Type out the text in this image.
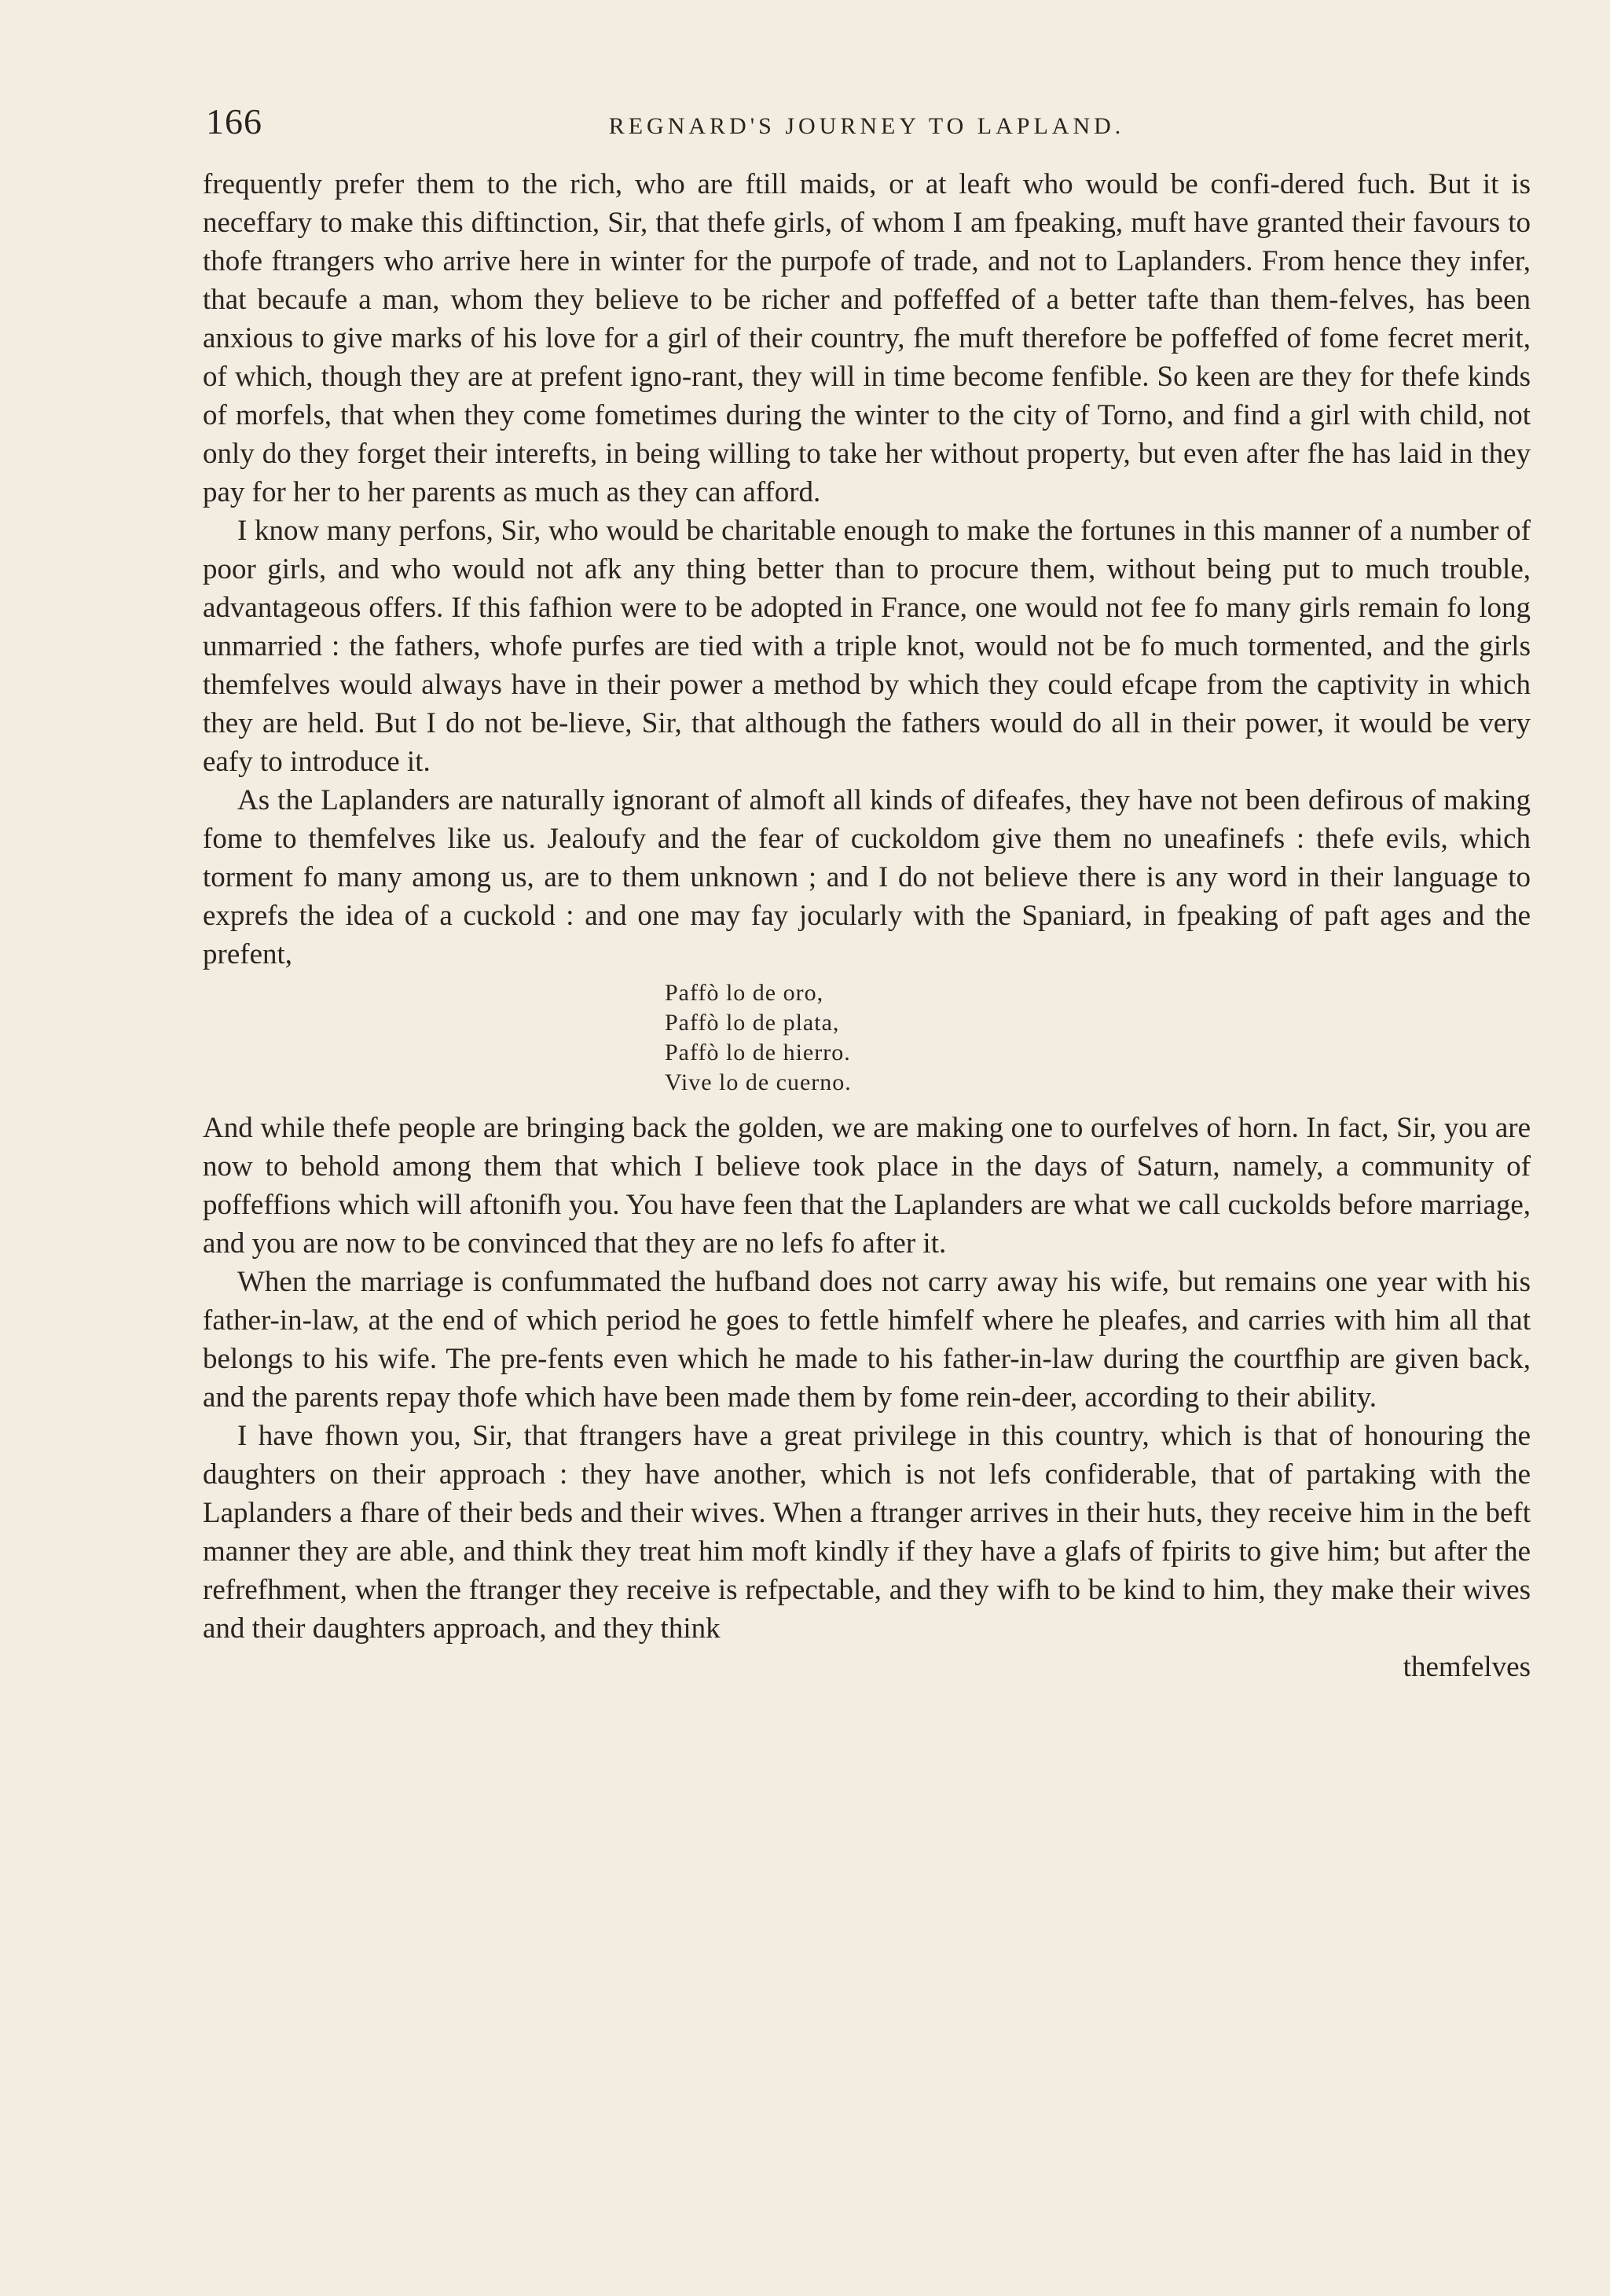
166	REGNARD'S JOURNEY TO LAPLAND.

frequently prefer them to the rich, who are ftill maids, or at leaft who would be confi-dered fuch. But it is neceffary to make this diftinction, Sir, that thefe girls, of whom I am fpeaking, muft have granted their favours to thofe ftrangers who arrive here in winter for the purpofe of trade, and not to Laplanders. From hence they infer, that becaufe a man, whom they believe to be richer and poffeffed of a better tafte than them-felves, has been anxious to give marks of his love for a girl of their country, fhe muft therefore be poffeffed of fome fecret merit, of which, though they are at prefent igno-rant, they will in time become fenfible. So keen are they for thefe kinds of morfels, that when they come fometimes during the winter to the city of Torno, and find a girl with child, not only do they forget their interefts, in being willing to take her without property, but even after fhe has laid in they pay for her to her parents as much as they can afford.

I know many perfons, Sir, who would be charitable enough to make the fortunes in this manner of a number of poor girls, and who would not afk any thing better than to procure them, without being put to much trouble, advantageous offers. If this fafhion were to be adopted in France, one would not fee fo many girls remain fo long unmarried : the fathers, whofe purfes are tied with a triple knot, would not be fo much tormented, and the girls themfelves would always have in their power a method by which they could efcape from the captivity in which they are held. But I do not be-lieve, Sir, that although the fathers would do all in their power, it would be very eafy to introduce it.

As the Laplanders are naturally ignorant of almoft all kinds of difeafes, they have not been defirous of making fome to themfelves like us. Jealoufy and the fear of cuckoldom give them no uneafinefs : thefe evils, which torment fo many among us, are to them unknown ; and I do not believe there is any word in their language to exprefs the idea of a cuckold : and one may fay jocularly with the Spaniard, in fpeaking of paft ages and the prefent,

Paffò lo de oro,
Paffò lo de plata,
Paffò lo de hierro.
Vive lo de cuerno.

And while thefe people are bringing back the golden, we are making one to ourfelves of horn. In fact, Sir, you are now to behold among them that which I believe took place in the days of Saturn, namely, a community of poffeffions which will aftonifh you. You have feen that the Laplanders are what we call cuckolds before marriage, and you are now to be convinced that they are no lefs fo after it.

When the marriage is confummated the hufband does not carry away his wife, but remains one year with his father-in-law, at the end of which period he goes to fettle himfelf where he pleafes, and carries with him all that belongs to his wife. The pre-fents even which he made to his father-in-law during the courtfhip are given back, and the parents repay thofe which have been made them by fome rein-deer, according to their ability.

I have fhown you, Sir, that ftrangers have a great privilege in this country, which is that of honouring the daughters on their approach : they have another, which is not lefs confiderable, that of partaking with the Laplanders a fhare of their beds and their wives. When a ftranger arrives in their huts, they receive him in the beft manner they are able, and think they treat him moft kindly if they have a glafs of fpirits to give him; but after the refrefhment, when the ftranger they receive is refpectable, and they wifh to be kind to him, they make their wives and their daughters approach, and they think

themfelves
